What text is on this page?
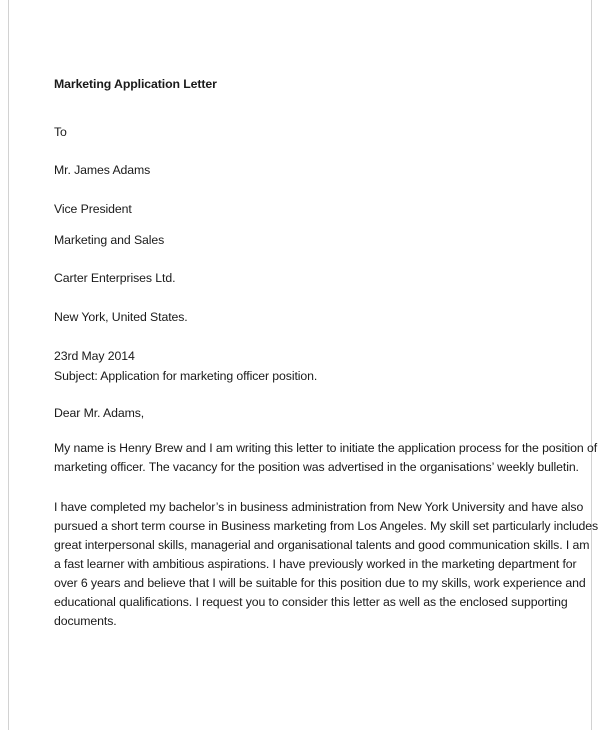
Marketing Application Letter

To

Mr. James Adams

Vice President

Marketing and Sales

Carter Enterprises Ltd.

New York, United States.

23rd May 2014

Subject: Application for marketing officer position.

Dear Mr. Adams,

My name is Henry Brew and I am writing this letter to initiate the application process for the position of
marketing officer. The vacancy for the position was advertised in the organisations’ weekly bulletin.
I have completed my bachelor’s in business administration from New York University and have also
pursued a short term course in Business marketing from Los Angeles. My skill set particularly includes
great interpersonal skills, managerial and organisational talents and good communication skills. I am
a fast learner with ambitious aspirations. I have previously worked in the marketing department for
over 6 years and believe that I will be suitable for this position due to my skills, work experience and
educational qualifications. I request you to consider this letter as well as the enclosed supporting
documents.
